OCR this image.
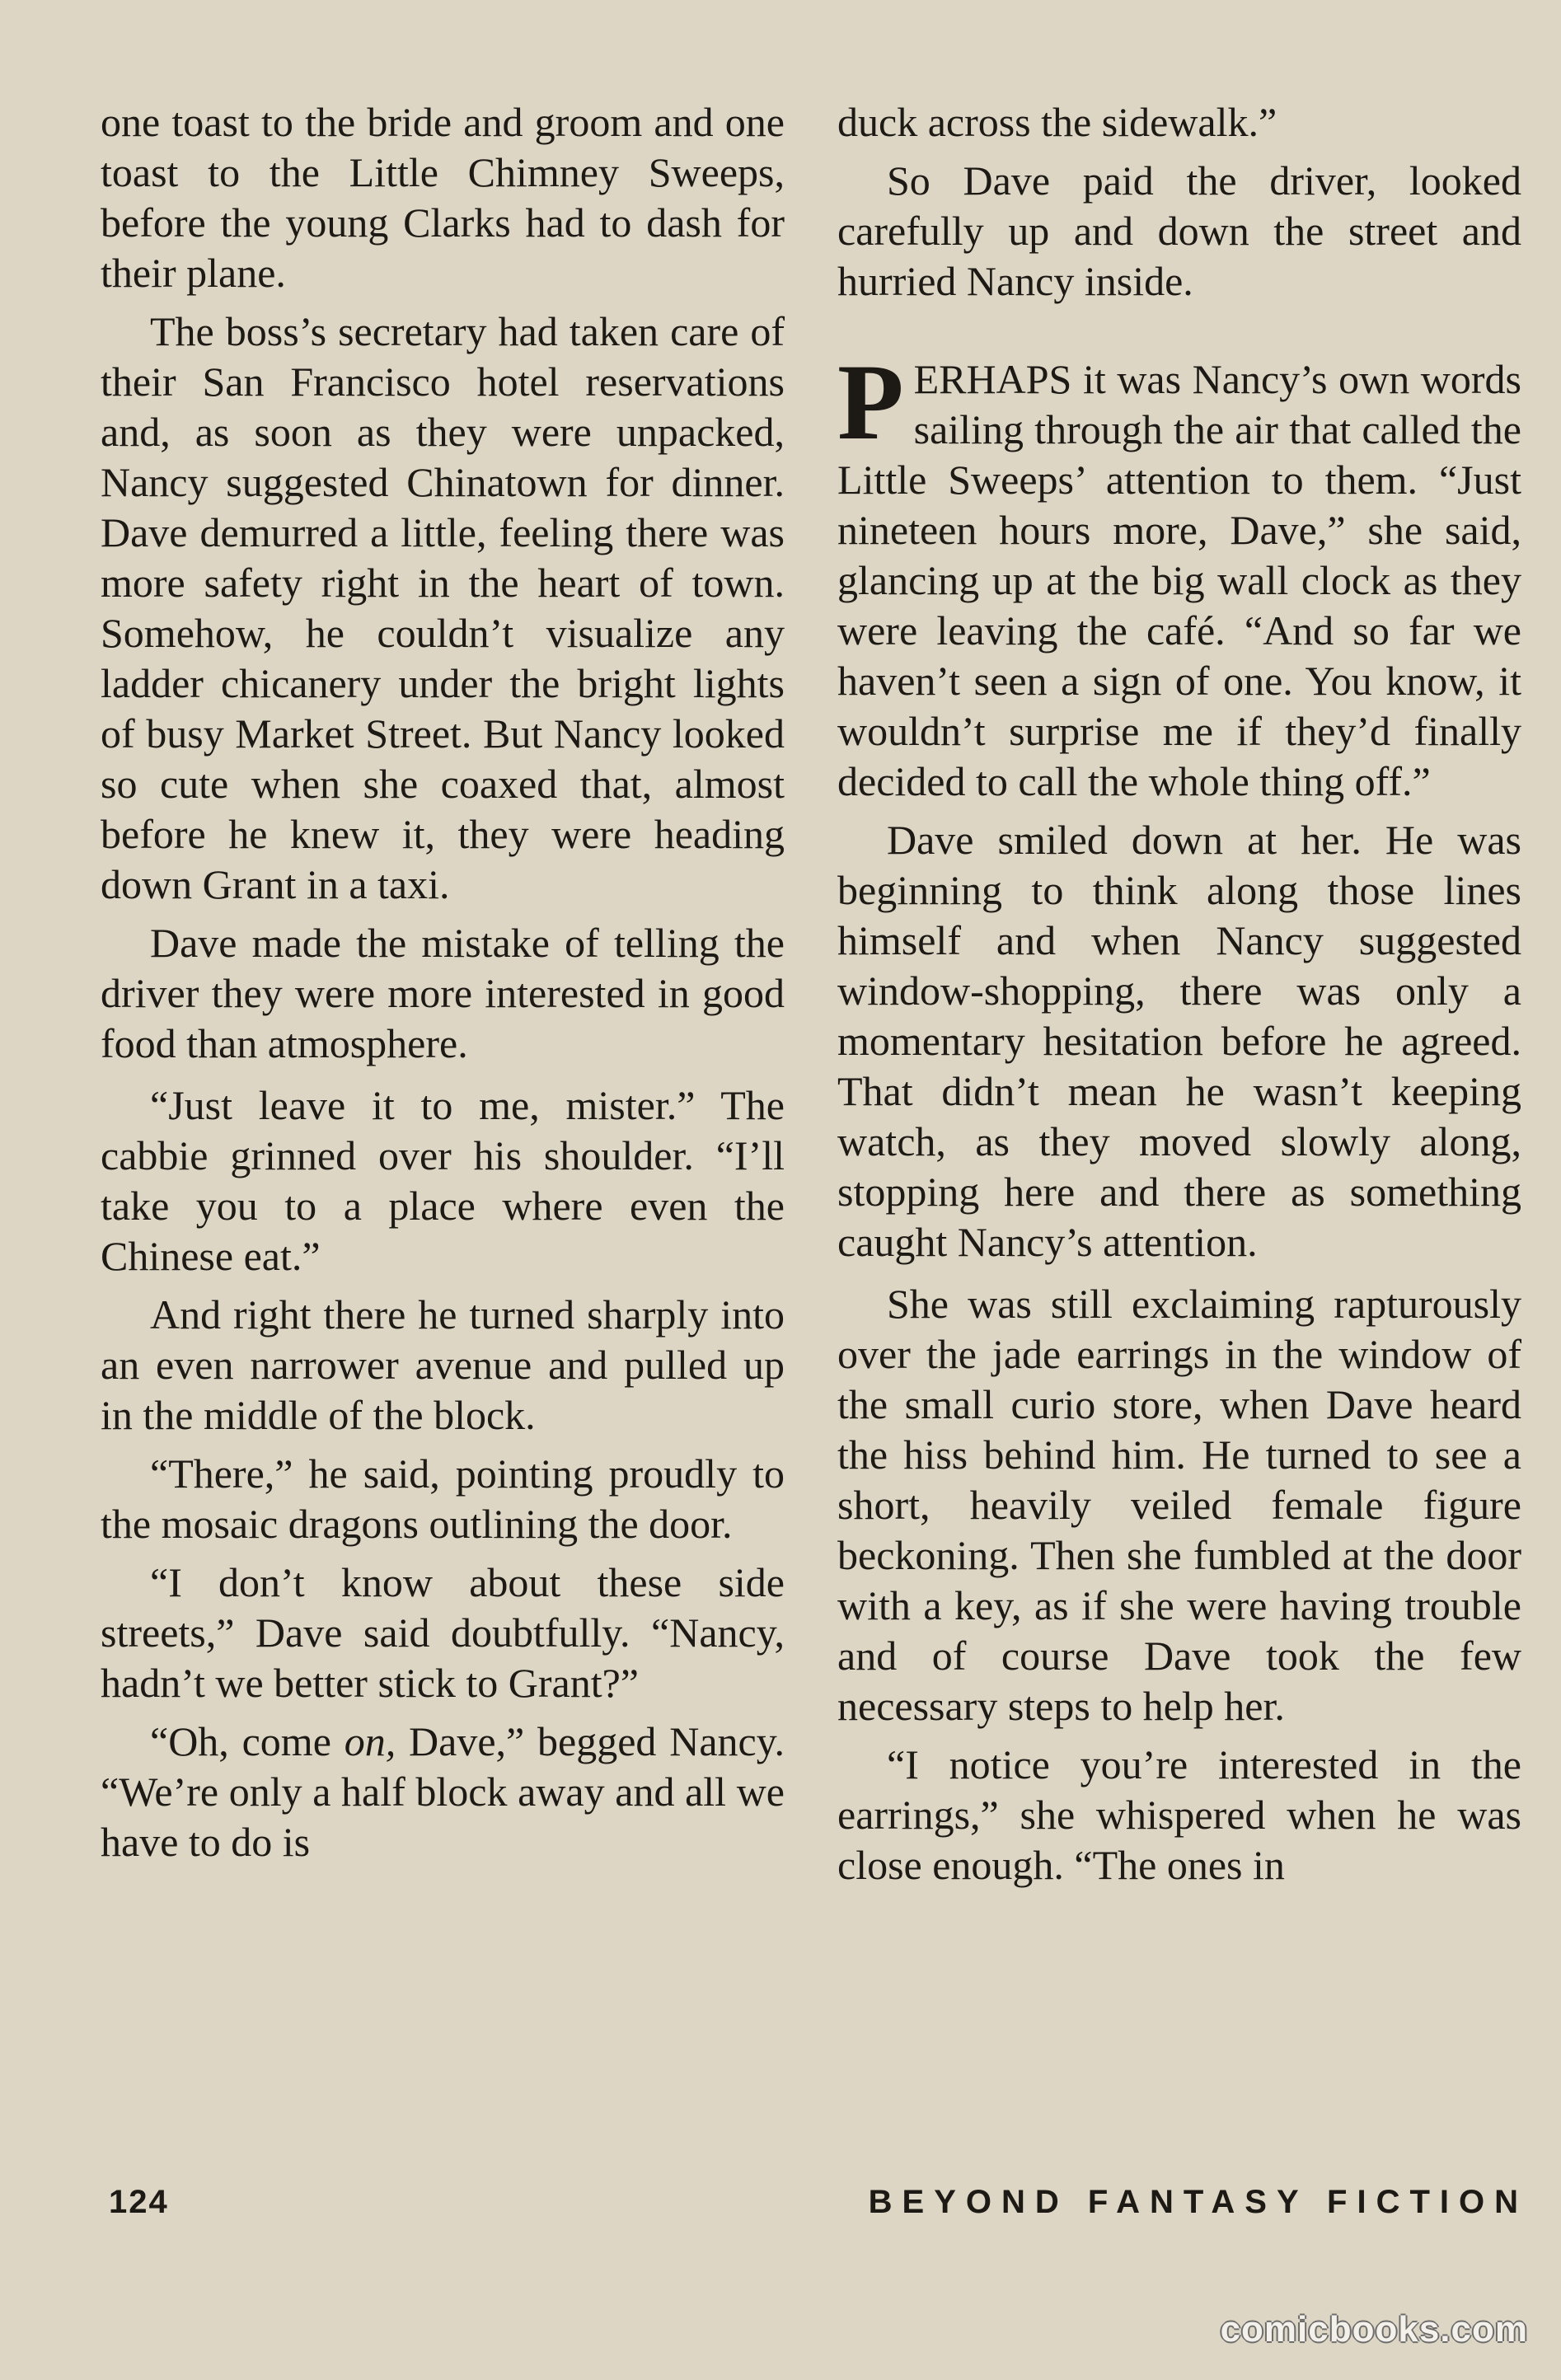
one toast to the bride and groom and one toast to the Little Chimney Sweeps, before the young Clarks had to dash for their plane.

The boss’s secretary had taken care of their San Francisco hotel reservations and, as soon as they were unpacked, Nancy suggested Chinatown for dinner. Dave demurred a little, feeling there was more safety right in the heart of town. Somehow, he couldn’t visualize any ladder chicanery under the bright lights of busy Market Street. But Nancy looked so cute when she coaxed that, almost before he knew it, they were heading down Grant in a taxi.

Dave made the mistake of telling the driver they were more interested in good food than atmosphere.

“Just leave it to me, mister.” The cabbie grinned over his shoulder. “I’ll take you to a place where even the Chinese eat.”

And right there he turned sharply into an even narrower avenue and pulled up in the middle of the block.

“There,” he said, pointing proudly to the mosaic dragons outlining the door.

“I don’t know about these side streets,” Dave said doubtfully. “Nancy, hadn’t we better stick to Grant?”

“Oh, come on, Dave,” begged Nancy. “We’re only a half block away and all we have to do is

duck across the sidewalk.”

So Dave paid the driver, looked carefully up and down the street and hurried Nancy inside.

PERHAPS it was Nancy’s own words sailing through the air that called the Little Sweeps’ attention to them. “Just nineteen hours more, Dave,” she said, glancing up at the big wall clock as they were leaving the café. “And so far we haven’t seen a sign of one. You know, it wouldn’t surprise me if they’d finally decided to call the whole thing off.”

Dave smiled down at her. He was beginning to think along those lines himself and when Nancy suggested window-shopping, there was only a momentary hesitation before he agreed. That didn’t mean he wasn’t keeping watch, as they moved slowly along, stopping here and there as something caught Nancy’s attention.

She was still exclaiming rapturously over the jade earrings in the window of the small curio store, when Dave heard the hiss behind him. He turned to see a short, heavily veiled female figure beckoning. Then she fumbled at the door with a key, as if she were having trouble and of course Dave took the few necessary steps to help her.

“I notice you’re interested in the earrings,” she whispered when he was close enough. “The ones in

124	BEYOND FANTASY FICTION
comicbooks.com
